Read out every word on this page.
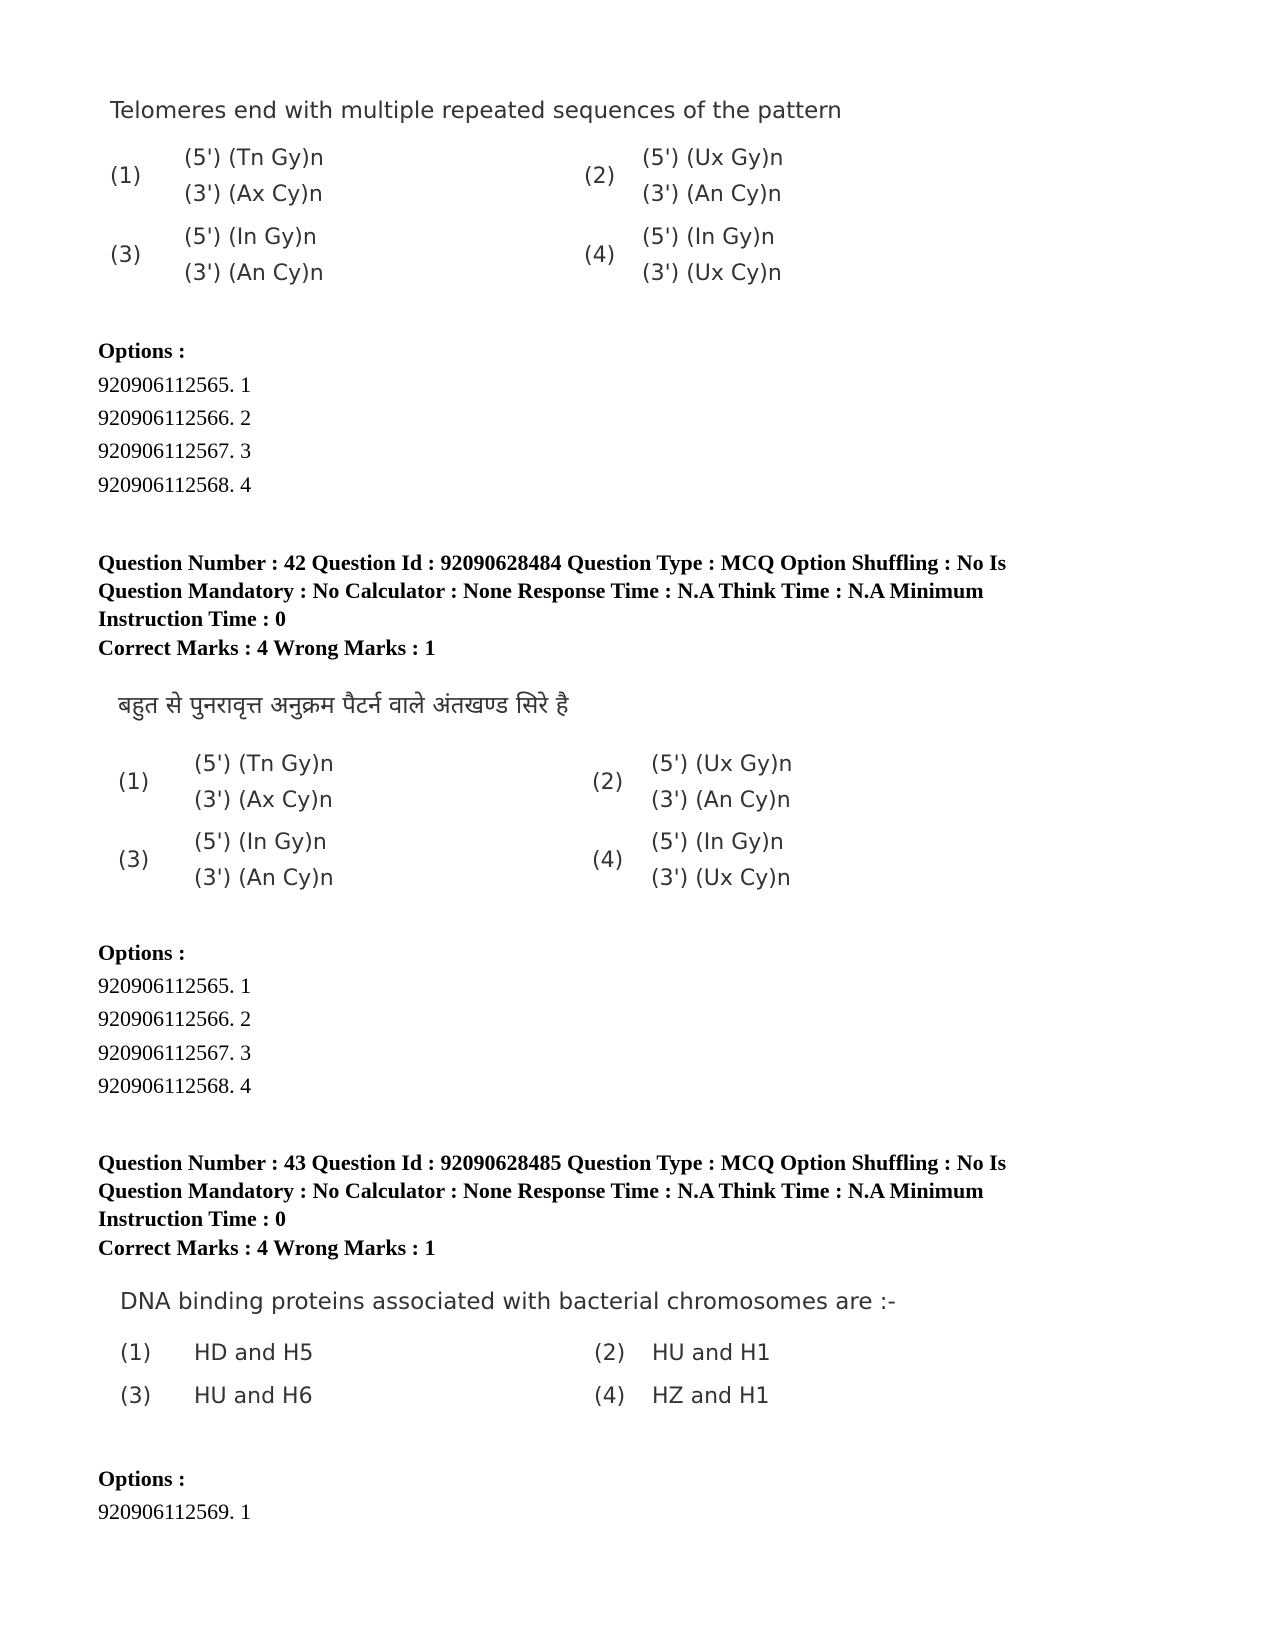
Telomeres end with multiple repeated sequences of the pattern
(1)
(5') (Tn Gy)n
(3') (Ax Cy)n
(2)
(5') (Ux Gy)n
(3') (An Cy)n
(3)
(5') (In Gy)n
(3') (An Cy)n
(4)
(5') (In Gy)n
(3') (Ux Cy)n
Options :
920906112565. 1
920906112566. 2
920906112567. 3
920906112568. 4
Question Number : 42 Question Id : 92090628484 Question Type : MCQ Option Shuffling : No Is
Question Mandatory : No Calculator : None Response Time : N.A Think Time : N.A Minimum
Instruction Time : 0
Correct Marks : 4 Wrong Marks : 1
बहुत से पुनरावृत्त अनुक्रम पैटर्न वाले अंतखण्ड सिरे है
(1)
(5') (Tn Gy)n
(3') (Ax Cy)n
(2)
(5') (Ux Gy)n
(3') (An Cy)n
(3)
(5') (In Gy)n
(3') (An Cy)n
(4)
(5') (In Gy)n
(3') (Ux Cy)n
Options :
920906112565. 1
920906112566. 2
920906112567. 3
920906112568. 4
Question Number : 43 Question Id : 92090628485 Question Type : MCQ Option Shuffling : No Is
Question Mandatory : No Calculator : None Response Time : N.A Think Time : N.A Minimum
Instruction Time : 0
Correct Marks : 4 Wrong Marks : 1
DNA binding proteins associated with bacterial chromosomes are :-
(1) HD and H5	(2) HU and H1
(3) HU and H6	(4) HZ and H1
Options :
920906112569. 1
